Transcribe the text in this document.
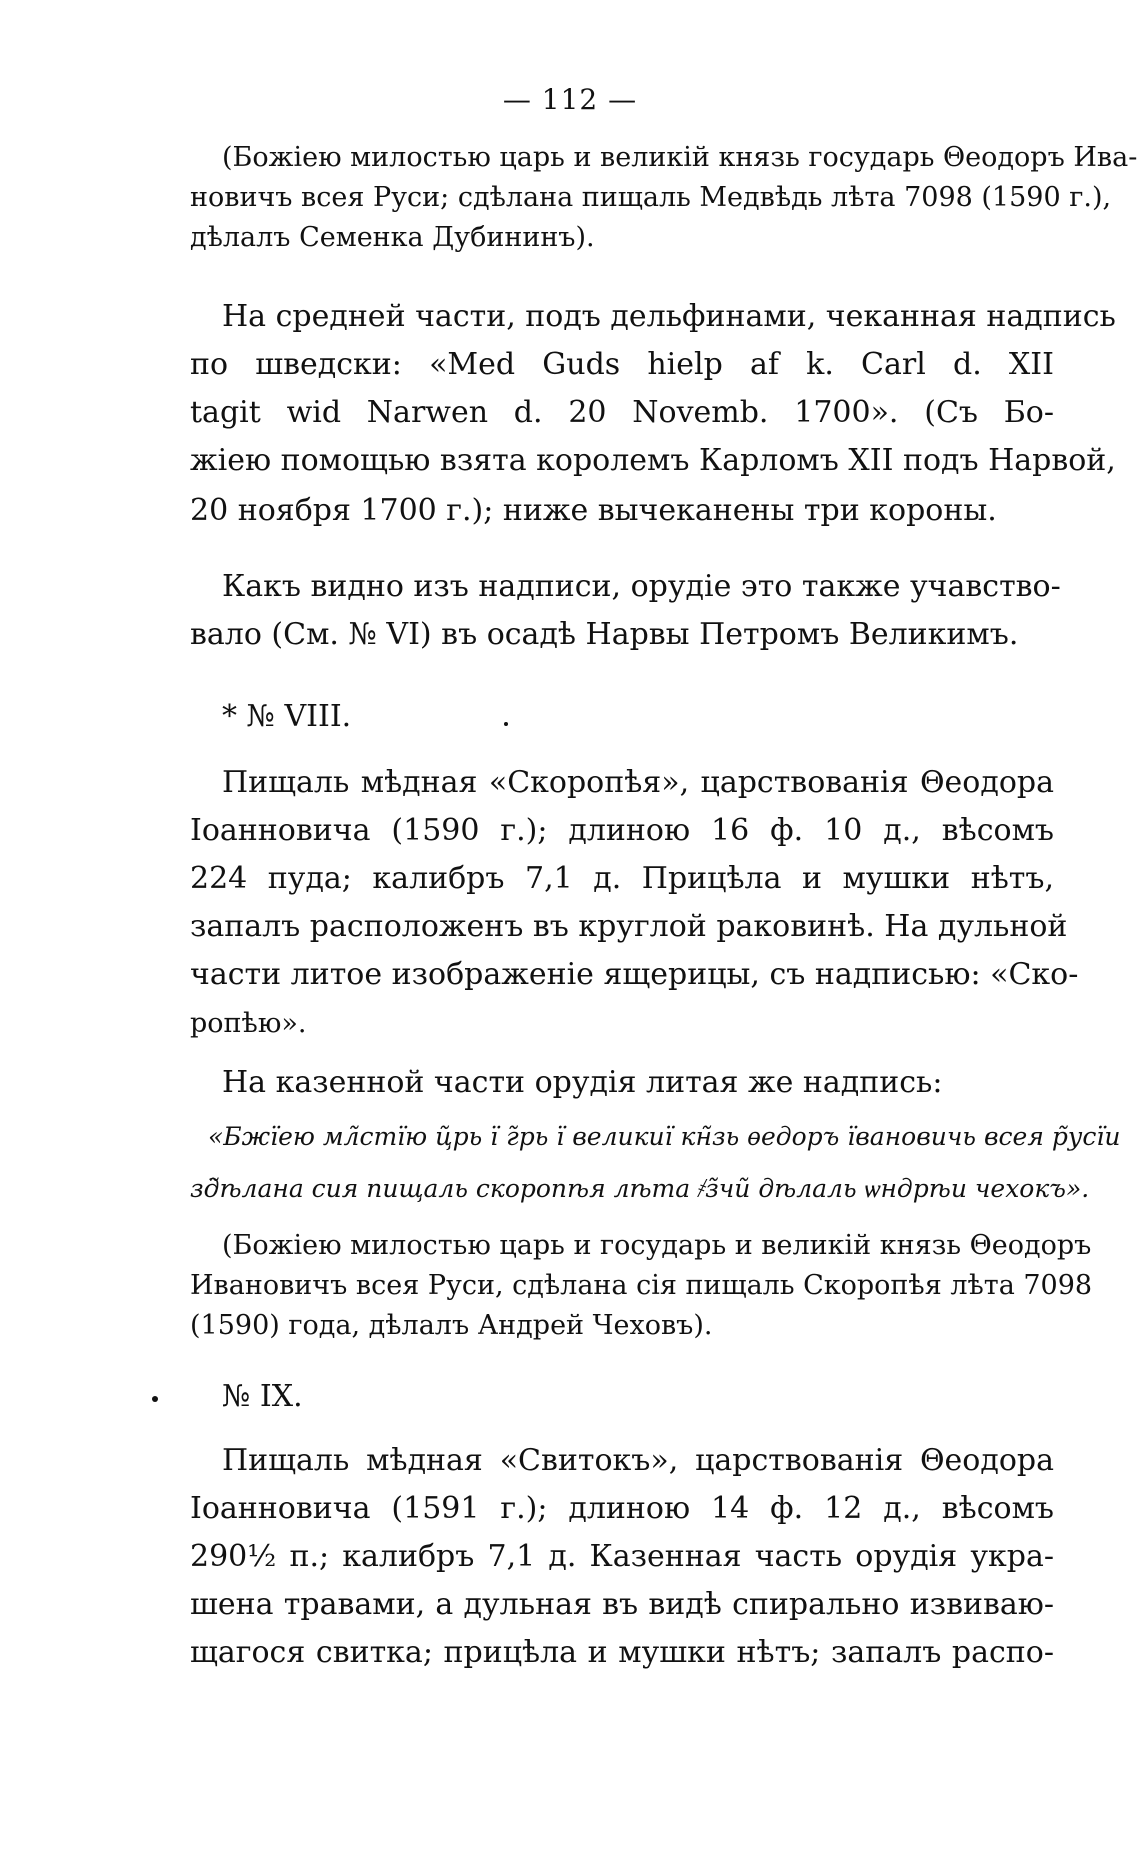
— 112 —
(Божіею милостью царь и великій князь государь Θеодоръ Ива-
новичъ всея Руси; сдѣлана пищаль Медвѣдь лѣта 7098 (1590 г.),
дѣлалъ Семенка Дубининъ).
На средней части, подъ дельфинами, чеканная надпись
по шведски: «Med Guds hielp af k. Carl d. XII
tagit wid Narwen d. 20 Novemb. 1700». (Съ Бо-
жіею помощью взята королемъ Карломъ XII подъ Нарвой,
20 ноября 1700 г.); ниже вычеканены три короны.
Какъ видно изъ надписи, орудіе это также учавство-
вало (См. № VI) въ осадѣ Нарвы Петромъ Великимъ.
* № VIII.
Пищаль мѣдная «Скоропѣя», царствованія Θеодора
Іоанновича (1590 г.); длиною 16 ф. 10 д., вѣсомъ
224 пуда; калибръ 7,1 д. Прицѣла и мушки нѣтъ,
запалъ расположенъ въ круглой раковинѣ. На дульной
части литое изображеніе ящерицы, съ надписью: «Ско-
ропѣю».
На казенной части орудія литая же надпись:
«Бжїею мл̃стїю ц̃рь ї г̃рь ї великиї кн̃зь ѳедоръ ївановичь всея р̃усїи
зд̃ѣлана сия пищаль скоропѣя лѣта ҂з̃чи̃ дѣлаль ѡндрѣи чехокъ».
(Божіею милостью царь и государь и великій князь Θеодоръ
Ивановичъ всея Руси, сдѣлана сія пищаль Скоропѣя лѣта 7098
(1590) года, дѣлалъ Андрей Чеховъ).
№ IX.
Пищаль мѣдная «Свитокъ», царствованія Θеодора
Іоанновича (1591 г.); длиною 14 ф. 12 д., вѣсомъ
290½ п.; калибръ 7,1 д. Казенная часть орудія укра-
шена травами, а дульная въ видѣ спирально извиваю-
щагося свитка; прицѣла и мушки нѣтъ; запалъ распо-
